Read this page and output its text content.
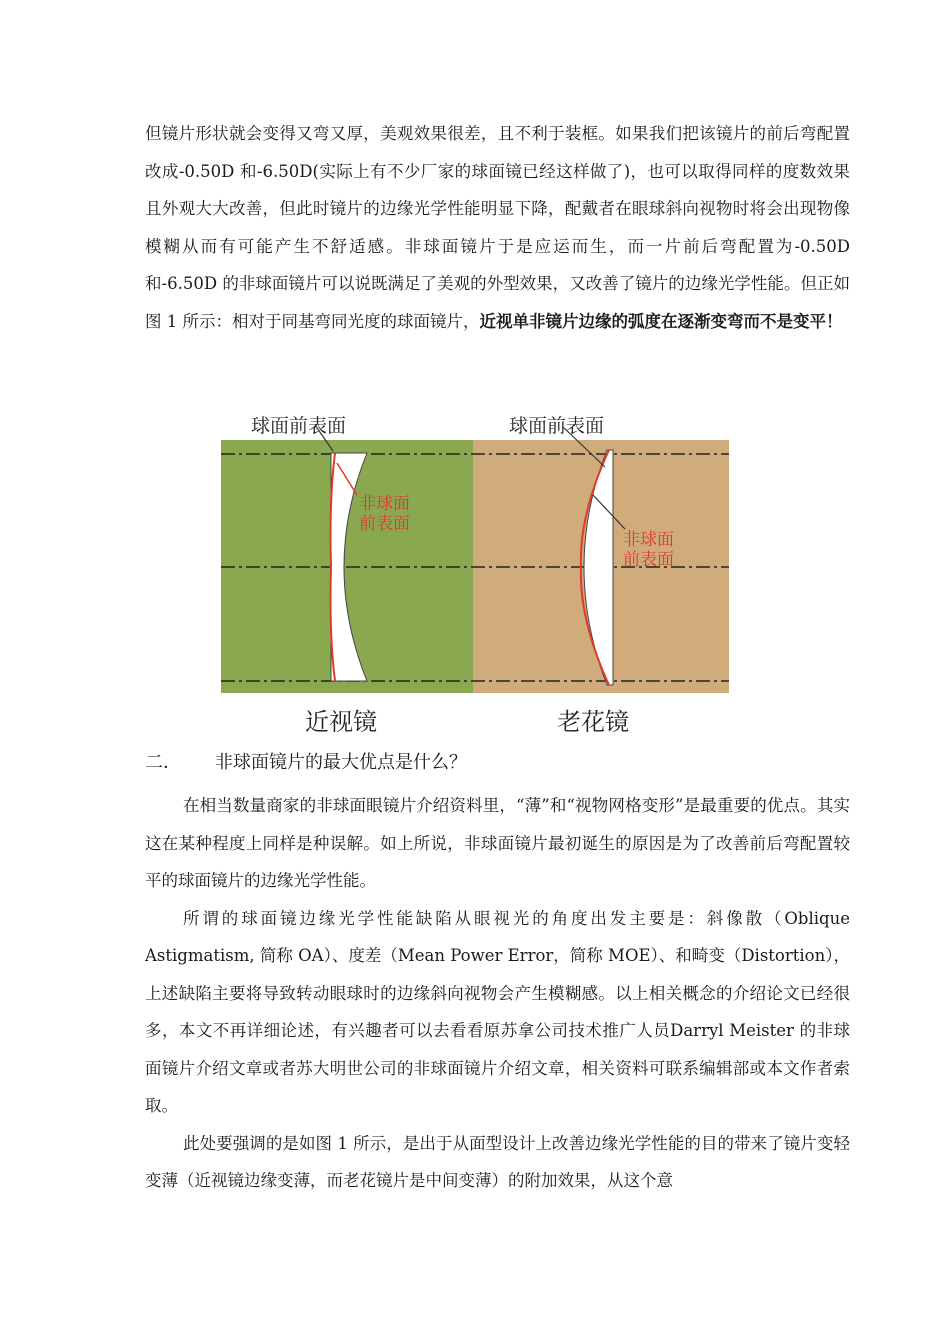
但镜片形状就会变得又弯又厚，美观效果很差，且不利于装框。如果我们把该镜片的前后弯配置改成-0.50D 和-6.50D(实际上有不少厂家的球面镜已经这样做了)，也可以取得同样的度数效果且外观大大改善，但此时镜片的边缘光学性能明显下降，配戴者在眼球斜向视物时将会出现物像模糊从而有可能产生不舒适感。非球面镜片于是应运而生，而一片前后弯配置为-0.50D 和-6.50D 的非球面镜片可以说既满足了美观的外型效果，又改善了镜片的边缘光学性能。但正如图 1 所示：相对于同基弯同光度的球面镜片，近视单非镜片边缘的弧度在逐渐变弯而不是变平！

球面前表面
非球面
前表面
球面前表面
非球面
前表面
近视镜	老花镜
二． 非球面镜片的最大优点是什么？

在相当数量商家的非球面眼镜片介绍资料里，“薄”和“视物网格变形”是最重要的优点。其实这在某种程度上同样是种误解。如上所说，非球面镜片最初诞生的原因是为了改善前后弯配置较平的球面镜片的边缘光学性能。

所谓的球面镜边缘光学性能缺陷从眼视光的角度出发主要是：斜像散（Oblique Astigmatism, 简称 OA）、度差（Mean Power Error，简称 MOE）、和畸变（Distortion），上述缺陷主要将导致转动眼球时的边缘斜向视物会产生模糊感。以上相关概念的介绍论文已经很多，本文不再详细论述，有兴趣者可以去看看原苏拿公司技术推广人员Darryl Meister 的非球面镜片介绍文章或者苏大明世公司的非球面镜片介绍文章，相关资料可联系编辑部或本文作者索取。

此处要强调的是如图 1 所示，是出于从面型设计上改善边缘光学性能的目的带来了镜片变轻变薄（近视镜边缘变薄，而老花镜片是中间变薄）的附加效果，从这个意
